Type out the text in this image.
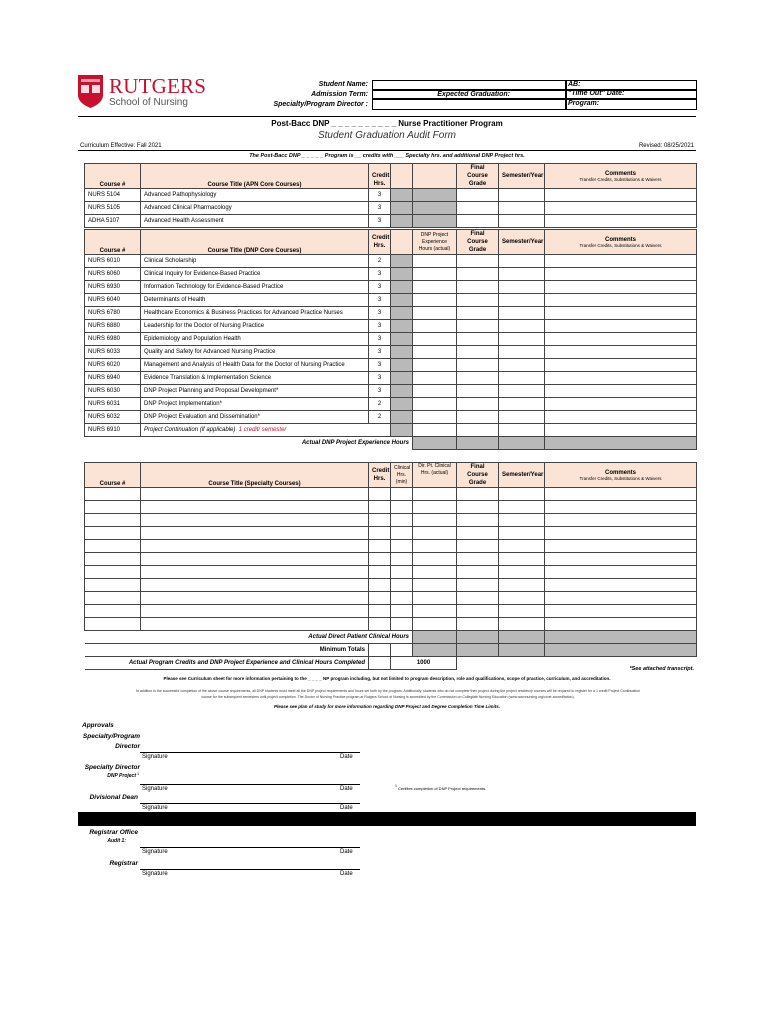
RUTGERS
School of Nursing
Student Name:
Admission Term:
Specialty/Program Director :
Expected Graduation:
AB:
"Time Out" Date:
Program:
Post-Bacc DNP _ _ _ _ _ _ _ _ _ _ Nurse Practitioner Program
Student Graduation Audit Form
Curriculum Effective: Fall 2021	Revised: 08/25/2021
The Post-Bacc DNP _ _ _ _ _ Program is __ credits with ___ Specialty hrs. and additional DNP Project hrs.
Course #	Course Title (APN Core Courses)	Credit Hrs.			Final Course Grade	Semester/Year	Comments
Transfer Credits, Substitutions & Waivers

NURS 5104	Advanced Pathophysiology	3					
NURS 5105	Advanced Clinical Pharmacology	3					
ADHA 5107	Advanced Health Assessment	3					
Course #	Course Title (DNP Core Courses)	Credit Hrs.		DNP Project Experience Hours (actual)	Final Course Grade	Semester/Year	Comments
Transfer Credits, Substitutions & Waivers

NURS 6010	Clinical Scholarship	2					
NURS 6060	Clinical Inquiry for Evidence-Based Practice	3					
NURS 6930	Information Technology for Evidence-Based Practice	3					
NURS 6040	Determinants of Health	3					
NURS 6780	Healthcare Economics & Business Practices for Advanced Practice Nurses	3					
NURS 6880	Leadership for the Doctor of Nursing Practice	3					
NURS 6980	Epidemiology and Population Health	3					
NURS 6033	Quality and Safety for Advanced Nursing Practice	3					
NURS 6020	Management and Analysis of Health Data for the Doctor of Nursing Practice	3					
NURS 6940	Evidence Translation & Implementation Science	3					
NURS 6030	DNP Project Planning and Proposal Development*	3					
NURS 6031	DNP Project Implementation*	2					
NURS 6032	DNP Project Evaluation and Dissemination*	2					
NURS 6910	Project Continuation (if applicable) 1 credit/ semester						
Actual DNP Project Experience Hours							
Course #	Course Title (Specialty Courses)	Credit Hrs.	Clinical Hrs. (min)	Dir. Pt. Clinical Hrs. (actual)	Final Course Grade	Semester/Year	Comments
Transfer Credits, Substitutions & Waivers

Actual Direct Patient Clinical Hours							
Minimum Totals							
Actual Program Credits and DNP Project Experience and Clinical Hours Completed			1000				
*See attached transcript.
Please see Curriculum sheet for more information pertaining to the _ _ _ _ NP program including, but not limited to program description, role and qualifications, scope of practice, curriculum, and accreditation.
In addition to the successful completion of the above course requirements, all DNP students must meet all the DNP project requirements and hours set forth by the program. Additionally, students who do not complete their project during the project residency courses will be required to register for a 1 credit Project Continuation
course for the subsequent semesters until project completion. The Doctor of Nursing Practice program at Rutgers School of Nursing is accredited by the Commission on Collegiate Nursing Education (www.aacnnursing.org/ccne-accreditation).
Please see plan of study for more information regarding DNP Project and Degree Completion Time Limits.
Approvals
Specialty/Program Director
Signature	Date
Specialty Director
DNP Project 1
Signature	Date	1 Certifies completion of DNP Project requirements.
Divisional Dean
Signature	Date
Registrar Office
Audit 1:
Signature	Date
Registrar
Signature	Date
